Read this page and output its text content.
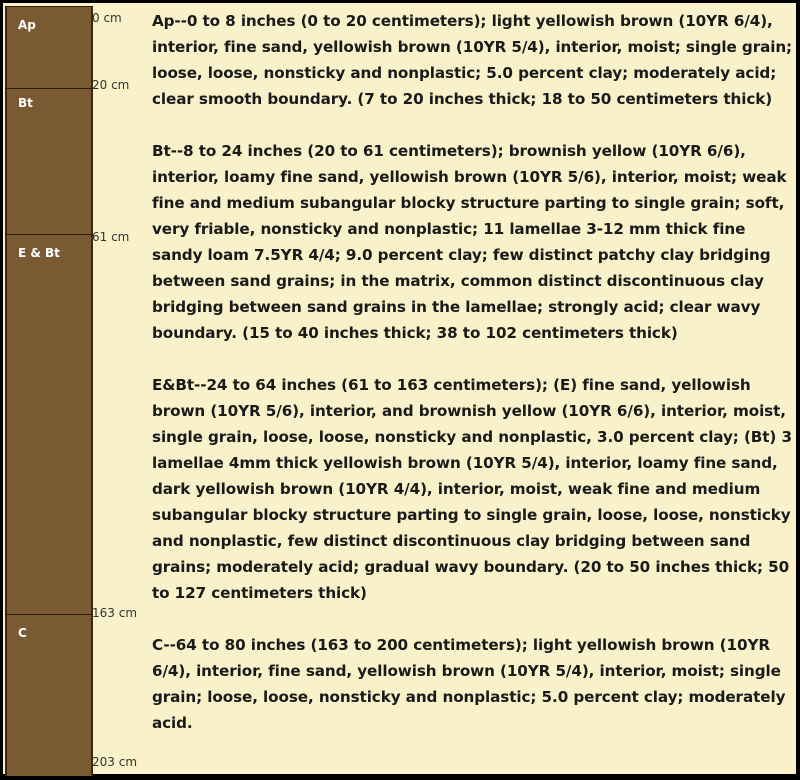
Ap
Bt
E & Bt
C
0 cm
20 cm
61 cm
163 cm
203 cm

Ap--0 to 8 inches (0 to 20 centimeters); light yellowish brown (10YR 6/4), interior, fine sand, yellowish brown (10YR 5/4), interior, moist; single grain; loose, loose, nonsticky and nonplastic; 5.0 percent clay; moderately acid; clear smooth boundary. (7 to 20 inches thick; 18 to 50 centimeters thick)

Bt--8 to 24 inches (20 to 61 centimeters); brownish yellow (10YR 6/6), interior, loamy fine sand, yellowish brown (10YR 5/6), interior, moist; weak fine and medium subangular blocky structure parting to single grain; soft, very friable, nonsticky and nonplastic; 11 lamellae 3-12 mm thick fine sandy loam 7.5YR 4/4; 9.0 percent clay; few distinct patchy clay bridging between sand grains; in the matrix, common distinct discontinuous clay bridging between sand grains in the lamellae; strongly acid; clear wavy boundary. (15 to 40 inches thick; 38 to 102 centimeters thick)

E&Bt--24 to 64 inches (61 to 163 centimeters); (E) fine sand, yellowish brown (10YR 5/6), interior, and brownish yellow (10YR 6/6), interior, moist, single grain, loose, loose, nonsticky and nonplastic, 3.0 percent clay; (Bt) 3 lamellae 4mm thick yellowish brown (10YR 5/4), interior, loamy fine sand, dark yellowish brown (10YR 4/4), interior, moist, weak fine and medium subangular blocky structure parting to single grain, loose, loose, nonsticky and nonplastic, few distinct discontinuous clay bridging between sand grains; moderately acid; gradual wavy boundary. (20 to 50 inches thick; 50 to 127 centimeters thick)

C--64 to 80 inches (163 to 200 centimeters); light yellowish brown (10YR 6/4), interior, fine sand, yellowish brown (10YR 5/4), interior, moist; single grain; loose, loose, nonsticky and nonplastic; 5.0 percent clay; moderately acid.
